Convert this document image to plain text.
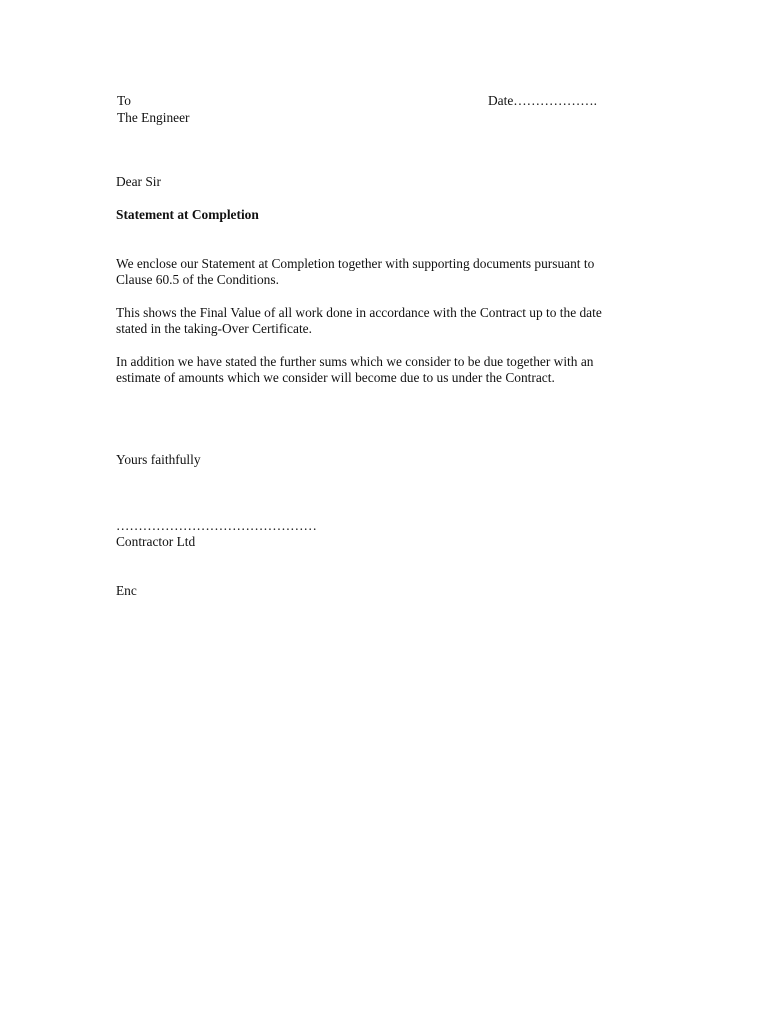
To	Date……………….
The Engineer
Dear Sir
Statement at Completion
We enclose our Statement at Completion together with supporting documents pursuant to
Clause 60.5 of the Conditions.
This shows the Final Value of all work done in accordance with the Contract up to the date
stated in the taking-Over Certificate.
In addition we have stated the further sums which we consider to be due together with an
estimate of amounts which we consider will become due to us under the Contract.
Yours faithfully
………………………………………
Contractor Ltd
Enc
